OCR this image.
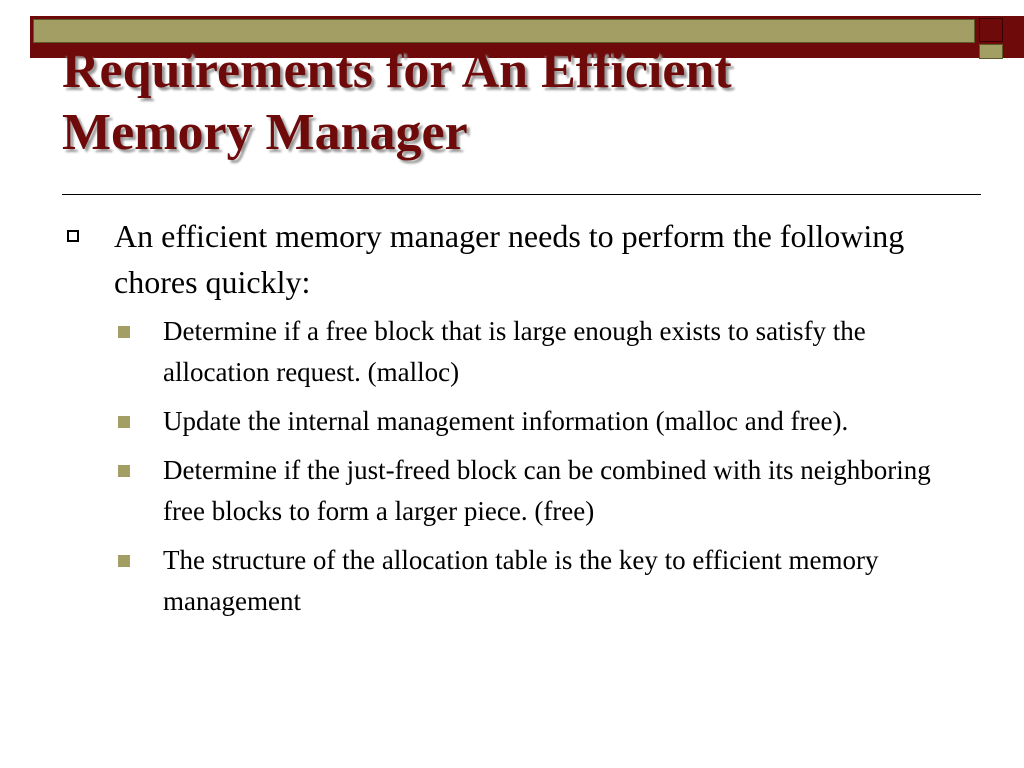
Requirements for An Efficient
Memory Manager
An efficient memory manager needs to perform the following chores quickly:
Determine if a free block that is large enough exists to satisfy the allocation request. (malloc)
Update the internal management information (malloc and free).
Determine if the just-freed block can be combined with its neighboring free blocks to form a larger piece. (free)
The structure of the allocation table is the key to efficient memory management
